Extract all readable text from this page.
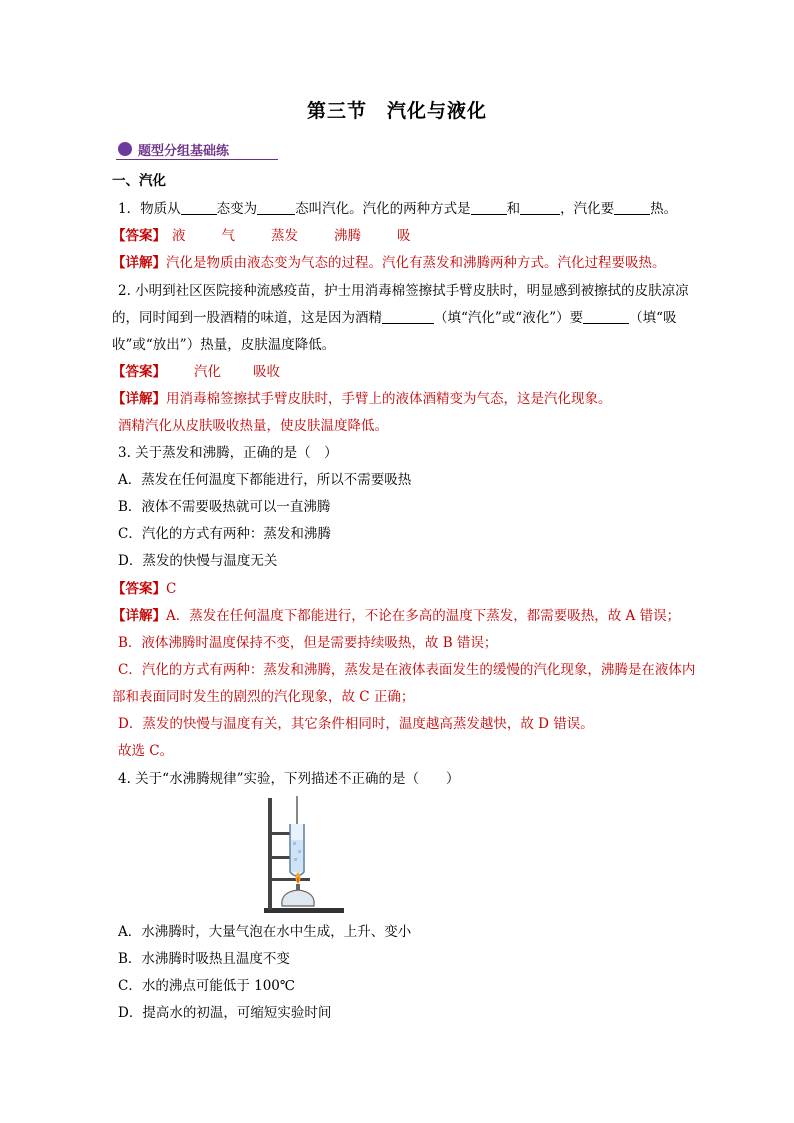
第三节　汽化与液化
题型分组基础练
一、汽化
1．物质从	态变为	态叫汽化。汽化的两种方式是	和	，汽化要	热。
【答案】 液	气	蒸发	沸腾	吸
【详解】汽化是物质由液态变为气态的过程。汽化有蒸发和沸腾两种方式。汽化过程要吸热。
2. 小明到社区医院接种流感疫苗，护士用消毒棉签擦拭手臂皮肤时，明显感到被擦拭的皮肤凉凉
的，同时闻到一股酒精的味道，这是因为酒精	（填“汽化”或“液化”）要	（填“吸
收”或“放出”）热量，皮肤温度降低。
【答案】 汽化 吸收
【详解】用消毒棉签擦拭手臂皮肤时，手臂上的液体酒精变为气态，这是汽化现象。
酒精汽化从皮肤吸收热量，使皮肤温度降低。
3. 关于蒸发和沸腾，正确的是（　）
A．蒸发在任何温度下都能进行，所以不需要吸热
B．液体不需要吸热就可以一直沸腾
C．汽化的方式有两种：蒸发和沸腾
D．蒸发的快慢与温度无关
【答案】C
【详解】A．蒸发在任何温度下都能进行，不论在多高的温度下蒸发，都需要吸热，故 A 错误；
B．液体沸腾时温度保持不变，但是需要持续吸热，故 B 错误；
C．汽化的方式有两种：蒸发和沸腾，蒸发是在液体表面发生的缓慢的汽化现象，沸腾是在液体内
部和表面同时发生的剧烈的汽化现象，故 C 正确；
D．蒸发的快慢与温度有关，其它条件相同时，温度越高蒸发越快，故 D 错误。
故选 C。
4. 关于“水沸腾规律”实验，下列描述不正确的是（　　）
A．水沸腾时，大量气泡在水中生成，上升、变小
B．水沸腾时吸热且温度不变
C．水的沸点可能低于 100℃
D．提高水的初温，可缩短实验时间
